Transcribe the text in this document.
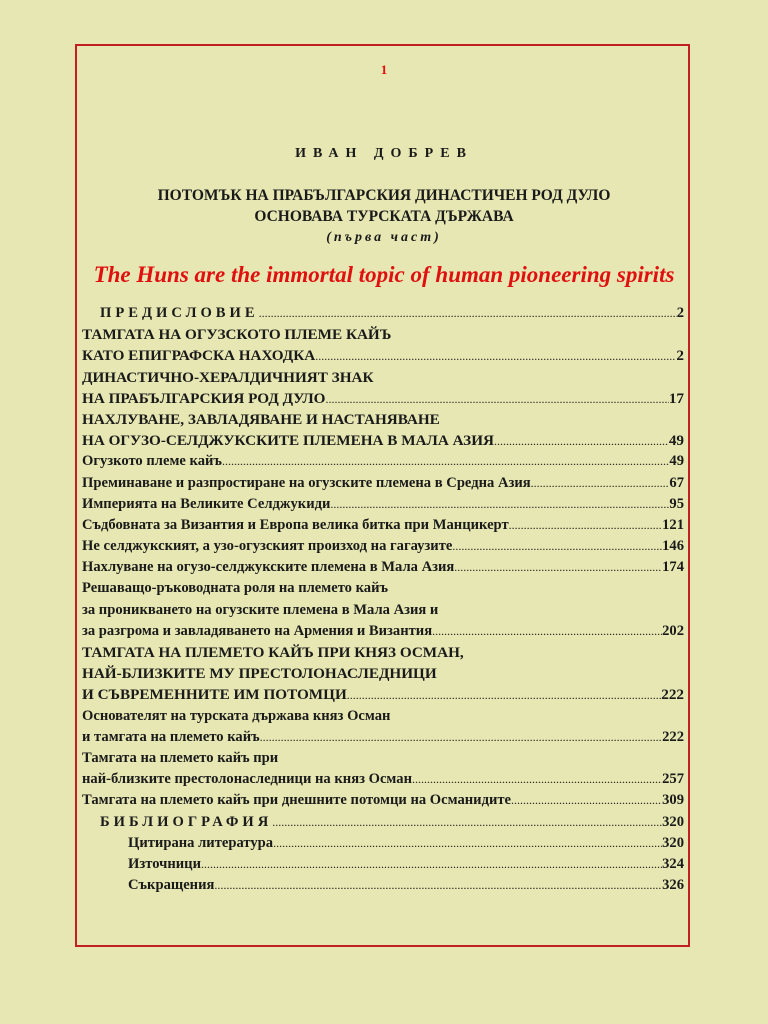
1
ИВАН ДОБРЕВ
ПОТОМЪК НА ПРАБЪЛГАРСКИЯ ДИНАСТИЧЕН РОД ДУЛО
ОСНОВАВА ТУРСКАТА ДЪРЖАВА
(първа част)
The Huns are the immortal topic of human pioneering spirits
ПРЕДИСЛОВИЕ .....	2
ТАМГАТА НА ОГУЗСКОТО ПЛЕМЕ КАЙЪ
КАТО ЕПИГРАФСКА НАХОДКА .....	2
ДИНАСТИЧНО-ХЕРАЛДИЧНИЯТ ЗНАК
НА ПРАБЪЛГАРСКИЯ РОД ДУЛО .....	17
НАХЛУВАНЕ, ЗАВЛАДЯВАНЕ И НАСТАНЯВАНЕ
НА ОГУЗО-СЕЛДЖУКСКИТЕ ПЛЕМЕНА В МАЛА АЗИЯ .....	49
Огузкото племе кайъ .....	49
Преминаване и разпростиране на огузските племена в Средна Азия .....	67
Империята на Великите Селджукиди .....	95
Съдбовната за Византия и Европа велика битка при Манцикерт .....	121
Не селджукският, а узо-огузският произход на гагаузите .....	146
Нахлуване на огузо-селджукските племена в Мала Азия .....	174
Решаващо-ръководната роля на племето кайъ
за проникването на огузските племена в Мала Азия и
за разгрома и завладяването на Армения и Византия .....	202
ТАМГАТА НА ПЛЕМЕТО КАЙЪ ПРИ КНЯЗ ОСМАН,
НАЙ-БЛИЗКИТЕ МУ ПРЕСТОЛОНАСЛЕДНИЦИ
И СЪВРЕМЕННИТЕ ИМ ПОТОМЦИ .....	222
Основателят на турската държава княз Осман
и тамгата на племето кайъ .....	222
Тамгата на племето кайъ при
най-близките престолонаследници на княз Осман .....	257
Тамгата на племето кайъ при днешните потомци на Османидите .....	309
БИБЛИОГРАФИЯ .....	320
Цитирана литература .....	320
Източници .....	324
Съкращения .....	326
